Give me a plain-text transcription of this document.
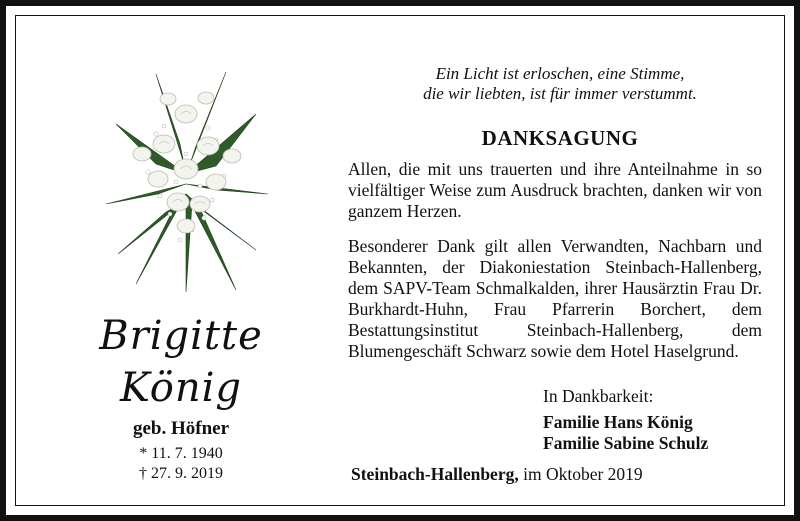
Brigitte
König
geb. Höfner
* 11. 7. 1940
† 27. 9. 2019
Ein Licht ist erloschen, eine Stimme,
die wir liebten, ist für immer verstummt.
DANKSAGUNG
Allen, die mit uns trauerten und ihre Anteilnahme in so vielfältiger Weise zum Ausdruck brachten, danken wir von ganzem Herzen.
Besonderer Dank gilt allen Verwandten, Nachbarn und Bekannten, der Diakoniestation Steinbach-Hallenberg, dem SAPV-Team Schmalkalden, ihrer Hausärztin Frau Dr. Burkhardt-Huhn, Frau Pfarrerin Borchert, dem Bestattungsinstitut Steinbach-Hallenberg, dem Blumengeschäft Schwarz sowie dem Hotel Haselgrund.
In Dankbarkeit:
Familie Hans König
Familie Sabine Schulz
Steinbach-Hallenberg, im Oktober 2019
